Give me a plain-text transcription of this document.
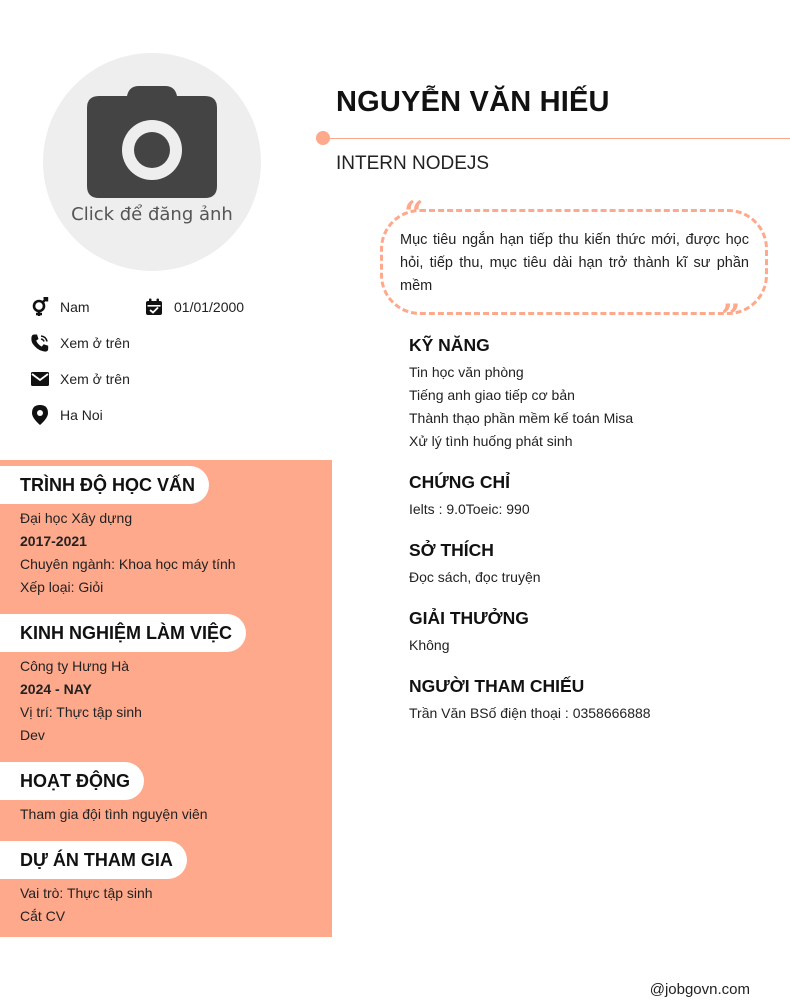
Click để đăng ảnh
Nam	01/01/2000
Xem ở trên
Xem ở trên
Ha Noi
TRÌNH ĐỘ HỌC VẤN
Đại học Xây dựng
2017-2021
Chuyên ngành: Khoa học máy tính
Xếp loại: Giỏi
KINH NGHIỆM LÀM VIỆC
Công ty Hưng Hà
2024 - NAY
Vị trí: Thực tập sinh
Dev
HOẠT ĐỘNG
Tham gia đội tình nguyện viên
DỰ ÁN THAM GIA
Vai trò: Thực tập sinh
Cắt CV
NGUYỄN VĂN HIẾU
INTERN NODEJS
Mục tiêu ngắn hạn tiếp thu kiến thức mới, được học hỏi, tiếp thu, mục tiêu dài hạn trở thành kĩ sư phần mềm
“
”
KỸ NĂNG
Tin học văn phòng
Tiếng anh giao tiếp cơ bản
Thành thạo phần mềm kế toán Misa
Xử lý tình huống phát sinh
CHỨNG CHỈ
Ielts : 9.0Toeic: 990
SỞ THÍCH
Đọc sách, đọc truyện
GIẢI THƯỞNG
Không
NGƯỜI THAM CHIẾU
Trần Văn BSố điện thoại : 0358666888
@jobgovn.com
